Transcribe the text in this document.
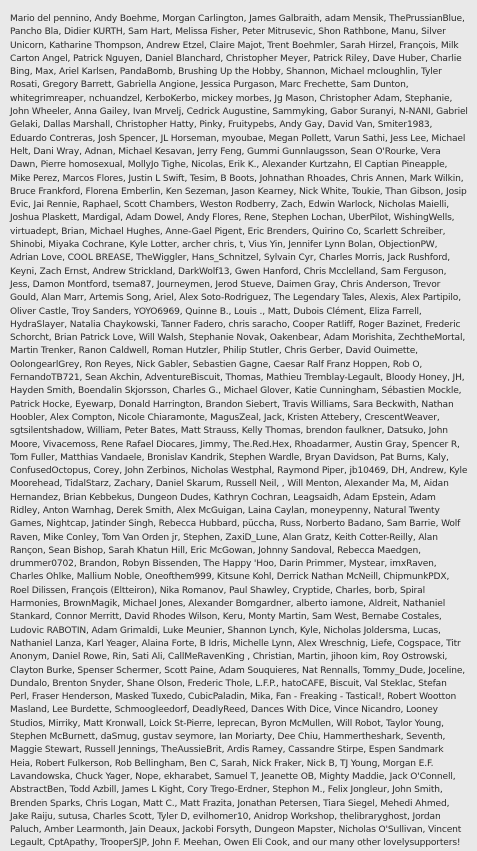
Mario del pennino, Andy Boehme, Morgan Carlington, James Galbraith, adam Mensik, ThePrussianBlue, Pancho Bla, Didier KURTH, Sam Hart, Melissa Fisher, Peter Mitrusevic, Shon Rathbone, Manu, Silver Unicorn, Katharine Thompson, Andrew Etzel, Claire Majot, Trent Boehmler, Sarah Hirzel, François, Milk Carton Angel, Patrick Nguyen, Daniel Blanchard, Christopher Meyer, Patrick Riley, Dave Huber, Charlie Bing, Max, Ariel Karlsen, PandaBomb, Brushing Up the Hobby, Shannon, Michael mcloughlin, Tyler Rosati, Gregory Barrett, Gabriella Angione, Jessica Purgason, Marc Frechette, Sam Dunton, whitegrimreaper, nchuandzel, KerboKerbo, mickey morbes, Jg Mason, Christopher Adam, Stephanie, John Wheeler, Anna Gailey, Ivan Mrvelj, Cedrick Augustine, Sammyking, Gabor Suranyi, N-NANI, Gabriel Gelaki, Dallas Marshall, Christopher Hatty, Pinky, Fruitypebs, Andy Gay, David Van, Smiter1983, Eduardo Contreras, Josh Spencer, JL Horseman, myoubae, Megan Pollett, Varun Sathi, Jess Lee, Michael Helt, Dani Wray, Adnan, Michael Kesavan, Jerry Feng, Gummi Gunnlaugsson, Sean O'Rourke, Vera Dawn, Pierre homosexual, MollyJo Tighe, Nicolas, Erik K., Alexander Kurtzahn, El Captian Pineapple, Mike Perez, Marcos Flores, Justin L Swift, Tesim, B Boots, Johnathan Rhoades, Chris Annen, Mark Wilkin, Bruce Frankford, Florena Emberlin, Ken Sezeman, Jason Kearney, Nick White, Toukie, Than Gibson, Josip Evic, Jai Rennie, Raphael, Scott Chambers, Weston Rodberry, Zach, Edwin Warlock, Nicholas Maielli, Joshua Plaskett, Mardigal, Adam Dowel, Andy Flores, Rene, Stephen Lochan, UberPilot, WishingWells, virtuadept, Brian, Michael Hughes, Anne-Gael Pigent, Eric Brenders, Quirino Co, Scarlett Schreiber, Shinobi, Miyaka Cochrane, Kyle Lotter, archer chris, t, Vius Yin, Jennifer Lynn Bolan, ObjectionPW, Adrian Love, COOL BREASE, TheWiggler, Hans_Schnitzel, Sylvain Cyr, Charles Morris, Jack Rushford, Keyni, Zach Ernst, Andrew Strickland, DarkWolf13, Gwen Hanford, Chris Mcclelland, Sam Ferguson, Jess, Damon Montford, tsema87, Journeymen, Jerod Stueve, Daimen Gray, Chris Anderson, Trevor Gould, Alan Marr, Artemis Song, Ariel, Alex Soto-Rodriguez, The Legendary Tales, Alexis, Alex Partipilo, Oliver Castle, Troy Sanders, YOYO6969, Quinne B., Louis ., Matt, Dubois Clément, Eliza Farrell, HydraSlayer, Natalia Chaykowski, Tanner Fadero, chris saracho, Cooper Ratliff, Roger Bazinet, Frederic Schorcht, Brian Patrick Love, Will Walsh, Stephanie Novak, Oakenbear, Adam Morishita, ZechtheMortal, Martin Trenker, Ranon Caldwell, Roman Hutzler, Philip Stutler, Chris Gerber, David Ouimette, OolongearlGrey, Ron Reyes, Nick Gabler, Sebastien Gagne, Caesar Ralf Franz Hoppen, Rob O, FernandoTB721, Sean Akchin, AdventureBiscuit, Thomas, Mathieu Tremblay-Legault, Bloody Honey, JH, Hayden Smith, Boendalin Skjorsson, Charles G., Michael Glover, Katie Cunningham, Sébastien Mockle, Patrick Hocke, Eyewarp, Donald Harrington, Brandon Siebert, Travis Williams, Sara Beckwith, Nathan Hoobler, Alex Compton, Nicole Chiaramonte, MagusZeal, Jack, Kristen Attebery, CrescentWeaver, sgtsilentshadow, William, Peter Bates, Matt Strauss, Kelly Thomas, brendon faulkner, Datsuko, John Moore, Vivacemoss, Rene Rafael Diocares, Jimmy, The.Red.Hex, Rhoadarmer, Austin Gray, Spencer R, Tom Fuller, Matthias Vandaele, Bronislav Kandrik, Stephen Wardle, Bryan Davidson, Pat Burns, Kaly, ConfusedOctopus, Corey, John Zerbinos, Nicholas Westphal, Raymond Piper, jb10469, DH, Andrew, Kyle Moorehead, TidalStarz, Zachary, Daniel Skarum, Russell Neil, , Will Menton, Alexander Ma, M, Aidan Hernandez, Brian Kebbekus, Dungeon Dudes, Kathryn Cochran, Leagsaidh, Adam Epstein, Adam Ridley, Anton Warnhag, Derek Smith, Alex McGuigan, Laina Caylan, moneypenny, Natural Twenty Games, Nightcap, Jatinder Singh, Rebecca Hubbard, püccha, Russ, Norberto Badano, Sam Barrie, Wolf Raven, Mike Conley, Tom Van Orden jr, Stephen, ZaxiD_Lune, Alan Gratz, Keith Cotter-Reilly, Alan Rançon, Sean Bishop, Sarah Khatun Hill, Eric McGowan, Johnny Sandoval, Rebecca Maedgen, drummer0702, Brandon, Robyn Bissenden, The Happy 'Hoo, Darin Primmer, Mystear, imxRaven, Charles Ohlke, Mallium Noble, Oneofthem999, Kitsune Kohl, Derrick Nathan McNeill, ChipmunkPDX, Roel Dilissen, François (Eltteiron), Nika Romanov, Paul Shawley, Cryptide, Charles, borb, Spiral Harmonies, BrownMagik, Michael Jones, Alexander Bomgardner, alberto iamone, Aldreit, Nathaniel Stankard, Connor Merritt, David Rhodes Wilson, Keru, Monty Martin, Sam West, Bernabe Costales, Ludovic RABOTIN, Adam Grimaldi, Luke Meunier, Shannon Lynch, Kyle, Nicholas Joldersma, Lucas, Nathaniel Lanza, Karl Yeager, Alaina Forte, B Idris, Michelle Lynn, Alex Wreschnig, Liefe, Cogspace, Titr Anonym, Daniel Rowe, Rin, Sati Ali, CallMeRavenKing , Christian, Martin, jihoon kim, Roy Ostrowski, Clayton Burke, Spenser Schermer, Scott Paine, Adam Souquieres, Nat Rennalls, Tommy_Dude, Joceline, Dundalo, Brenton Snyder, Shane Olson, Frederic Thole, L.F.P., hatoCAFE, Biscuit, Val Steklac, Stefan Perl, Fraser Henderson, Masked Tuxedo, CubicPaladin, Mika, Fan - Freaking - Tastical!, Robert Wootton Masland, Lee Burdette, Schmoogleedorf, DeadlyReed, Dances With Dice, Vince Nicandro, Looney Studios, Mirriky, Matt Kronwall, Loick St-Pierre, leprecan, Byron McMullen, Will Robot, Taylor Young, Stephen McBurnett, daSmug, gustav seymore, Ian Moriarty, Dee Chiu, Hammertheshark, Seventh, Maggie Stewart, Russell Jennings, TheAussieBrit, Ardis Ramey, Cassandre Stirpe, Espen Sandmark Heia, Robert Fulkerson, Rob Bellingham, Ben C, Sarah, Nick Fraker, Nick B, TJ Young, Morgan E.F. Lavandowska, Chuck Yager, Nope, ekharabet, Samuel T, Jeanette OB, Mighty Maddie, Jack O'Connell, AbstractBen, Todd Azbill, James L Kight, Cory Trego-Erdner, Stephon M., Felix Jongleur, John Smith, Brenden Sparks, Chris Logan, Matt C., Matt Frazita, Jonathan Petersen, Tiara Siegel, Mehedi Ahmed, Jake Raiju, sutusa, Charles Scott, Tyler D, evilhomer10, Anidrop Workshop, thelibraryghost, Jordan Paluch, Amber Learmonth, Jain Deaux, Jackobi Forsyth, Dungeon Mapster, Nicholas O'Sullivan, Vincent Legault, CptApathy, TrooperSJP, John F. Meehan, Owen Eli Cook, and our many other lovelysupporters!
